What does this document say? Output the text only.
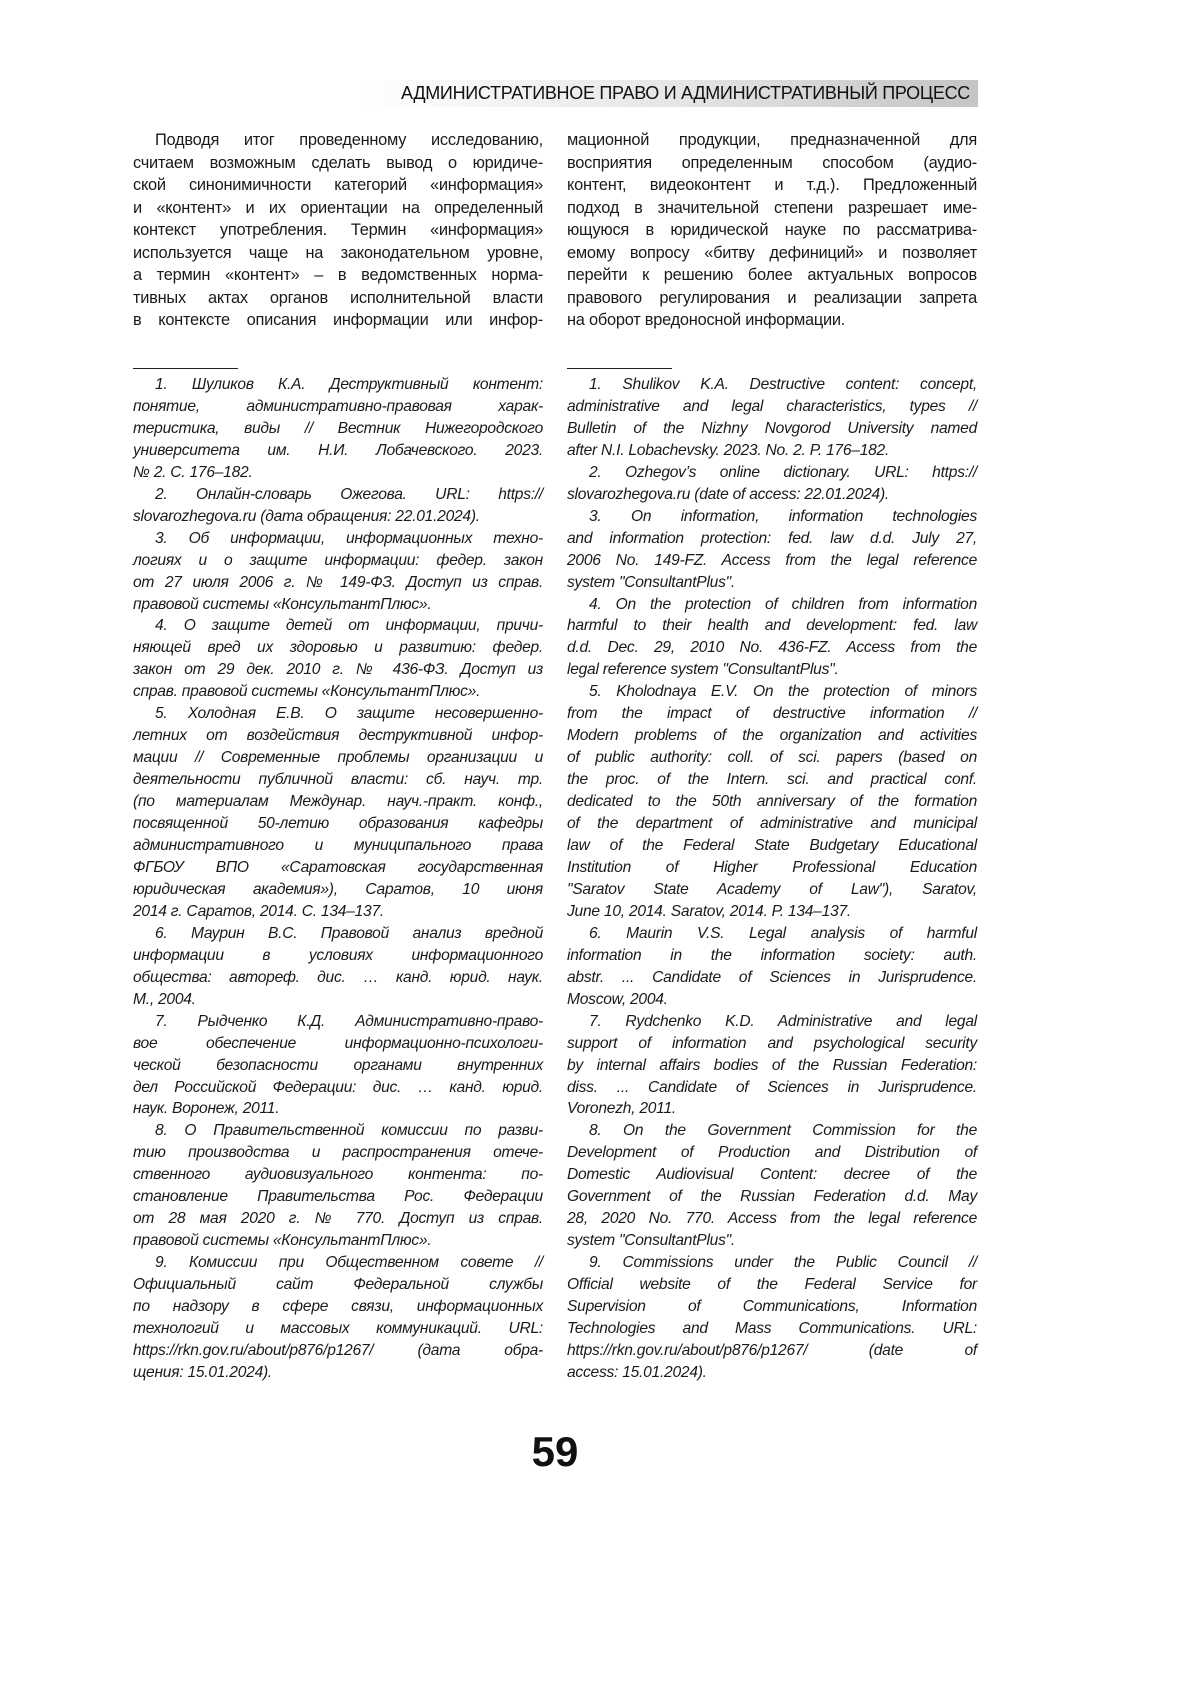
АДМИНИСТРАТИВНОЕ ПРАВО И АДМИНИСТРАТИВНЫЙ ПРОЦЕСС
Подводя итог проведенному исследованию,
считаем возможным сделать вывод о юридиче-
ской синонимичности категорий «информация»
и «контент» и их ориентации на определенный
контекст употребления. Термин «информация»
используется чаще на законодательном уровне,
а термин «контент» – в ведомственных норма-
тивных актах органов исполнительной власти
в контексте описания информации или инфор-
мационной продукции, предназначенной для
восприятия определенным способом (аудио-
контент, видеоконтент и т.д.). Предложенный
подход в значительной степени разрешает име-
ющуюся в юридической науке по рассматрива-
емому вопросу «битву дефиниций» и позволяет
перейти к решению более актуальных вопросов
правового регулирования и реализации запрета
на оборот вредоносной информации.
1. Шуликов К.А. Деструктивный контент:
понятие, административно-правовая харак-
теристика, виды // Вестник Нижегородского
университета им. Н.И. Лобачевского. 2023.
№ 2. С. 176–182.
2. Онлайн-словарь Ожегова. URL: https://
slovarozhegova.ru (дата обращения: 22.01.2024).
3. Об информации, информационных техно-
логиях и о защите информации: федер. закон
от 27 июля 2006 г. № 149-ФЗ. Доступ из справ.
правовой системы «КонсультантПлюс».
4. О защите детей от информации, причи-
няющей вред их здоровью и развитию: федер.
закон от 29 дек. 2010 г. № 436-ФЗ. Доступ из
справ. правовой системы «КонсультантПлюс».
5. Холодная Е.В. О защите несовершенно-
летних от воздействия деструктивной инфор-
мации // Современные проблемы организации и
деятельности публичной власти: сб. науч. тр.
(по материалам Междунар. науч.-практ. конф.,
посвященной 50-летию образования кафедры
административного и муниципального права
ФГБОУ ВПО «Саратовская государственная
юридическая академия»), Саратов, 10 июня
2014 г. Саратов, 2014. С. 134–137.
6. Маурин В.С. Правовой анализ вредной
информации в условиях информационного
общества: автореф. дис. … канд. юрид. наук.
М., 2004.
7. Рыдченко К.Д. Административно-право-
вое обеспечение информационно-психологи-
ческой безопасности органами внутренних
дел Российской Федерации: дис. … канд. юрид.
наук. Воронеж, 2011.
8. О Правительственной комиссии по разви-
тию производства и распространения отече-
ственного аудиовизуального контента: по-
становление Правительства Рос. Федерации
от 28 мая 2020 г. № 770. Доступ из справ.
правовой системы «КонсультантПлюс».
9. Комиссии при Общественном совете //
Официальный сайт Федеральной службы
по надзору в сфере связи, информационных
технологий и массовых коммуникаций. URL:
https://rkn.gov.ru/about/p876/p1267/ (дата обра-
щения: 15.01.2024).
1. Shulikov K.A. Destructive content: concept,
administrative and legal characteristics, types //
Bulletin of the Nizhny Novgorod University named
after N.I. Lobachevsky. 2023. No. 2. P. 176–182.
2. Ozhegov’s online dictionary. URL: https://
slovarozhegova.ru (date of access: 22.01.2024).
3. On information, information technologies
and information protection: fed. law d.d. July 27,
2006 No. 149-FZ. Access from the legal reference
system "ConsultantPlus".
4. On the protection of children from information
harmful to their health and development: fed. law
d.d. Dec. 29, 2010 No. 436-FZ. Access from the
legal reference system "ConsultantPlus".
5. Kholodnaya E.V. On the protection of minors
from the impact of destructive information //
Modern problems of the organization and activities
of public authority: coll. of sci. papers (based on
the proc. of the Intern. sci. and practical conf.
dedicated to the 50th anniversary of the formation
of the department of administrative and municipal
law of the Federal State Budgetary Educational
Institution of Higher Professional Education
"Saratov State Academy of Law"), Saratov,
June 10, 2014. Saratov, 2014. P. 134–137.
6. Maurin V.S. Legal analysis of harmful
information in the information society: auth.
abstr. ... Candidate of Sciences in Jurisprudence.
Moscow, 2004.
7. Rydchenko K.D. Administrative and legal
support of information and psychological security
by internal affairs bodies of the Russian Federation:
diss. ... Candidate of Sciences in Jurisprudence.
Voronezh, 2011.
8. On the Government Commission for the
Development of Production and Distribution of
Domestic Audiovisual Content: decree of the
Government of the Russian Federation d.d. May
28, 2020 No. 770. Access from the legal reference
system "ConsultantPlus".
9. Commissions under the Public Council //
Official website of the Federal Service for
Supervision of Communications, Information
Technologies and Mass Communications. URL:
https://rkn.gov.ru/about/p876/p1267/ (date of
access: 15.01.2024).
59
